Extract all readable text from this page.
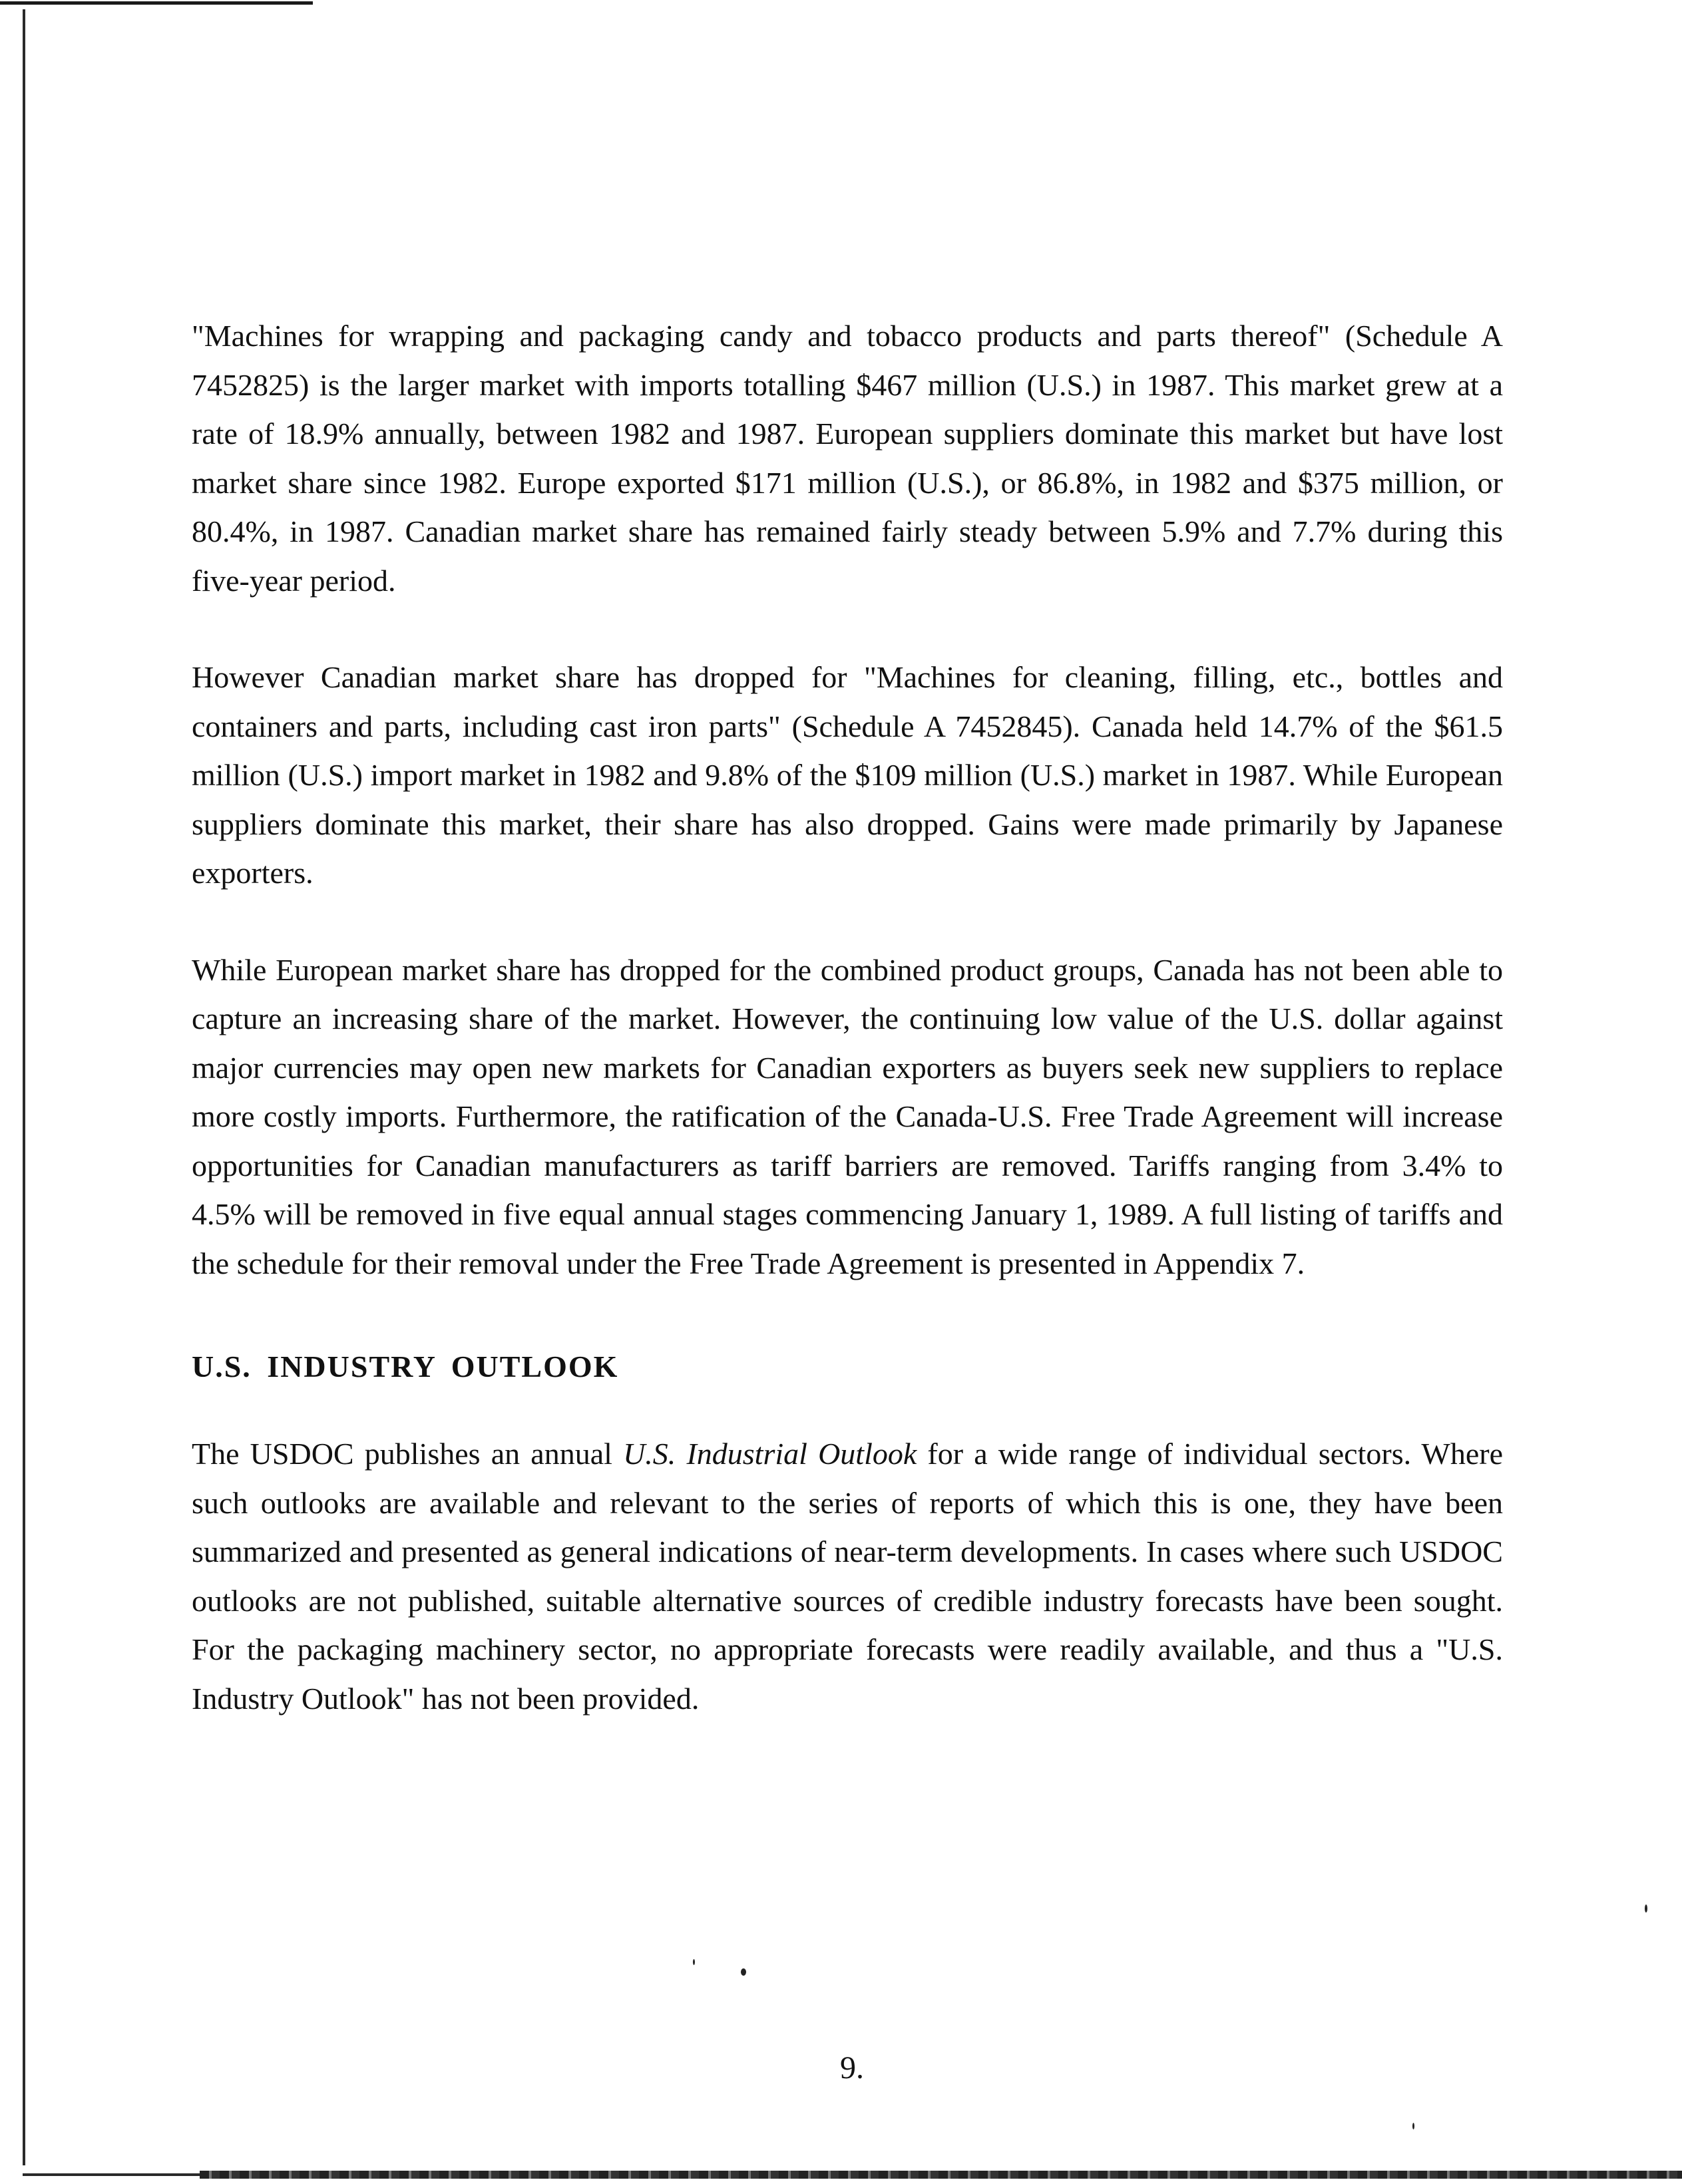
"Machines for wrapping and packaging candy and tobacco products and parts thereof" (Schedule A 7452825) is the larger market with imports totalling $467 million (U.S.) in 1987. This market grew at a rate of 18.9% annually, between 1982 and 1987. European suppliers dominate this market but have lost market share since 1982. Europe exported $171 million (U.S.), or 86.8%, in 1982 and $375 million, or 80.4%, in 1987. Canadian market share has remained fairly steady between 5.9% and 7.7% during this five-year period.

However Canadian market share has dropped for "Machines for cleaning, filling, etc., bottles and containers and parts, including cast iron parts" (Schedule A 7452845). Canada held 14.7% of the $61.5 million (U.S.) import market in 1982 and 9.8% of the $109 million (U.S.) market in 1987. While European suppliers dominate this market, their share has also dropped. Gains were made primarily by Japanese exporters.

While European market share has dropped for the combined product groups, Canada has not been able to capture an increasing share of the market. However, the continuing low value of the U.S. dollar against major currencies may open new markets for Canadian exporters as buyers seek new suppliers to replace more costly imports. Furthermore, the ratification of the Canada-U.S. Free Trade Agreement will increase opportunities for Canadian manufacturers as tariff barriers are removed. Tariffs ranging from 3.4% to 4.5% will be removed in five equal annual stages commencing January 1, 1989. A full listing of tariffs and the schedule for their removal under the Free Trade Agreement is presented in Appendix 7.

U.S. INDUSTRY OUTLOOK

The USDOC publishes an annual U.S. Industrial Outlook for a wide range of individual sectors. Where such outlooks are available and relevant to the series of reports of which this is one, they have been summarized and presented as general indications of near-term developments. In cases where such USDOC outlooks are not published, suitable alternative sources of credible industry forecasts have been sought. For the packaging machinery sector, no appropriate forecasts were readily available, and thus a "U.S. Industry Outlook" has not been provided.

9.
